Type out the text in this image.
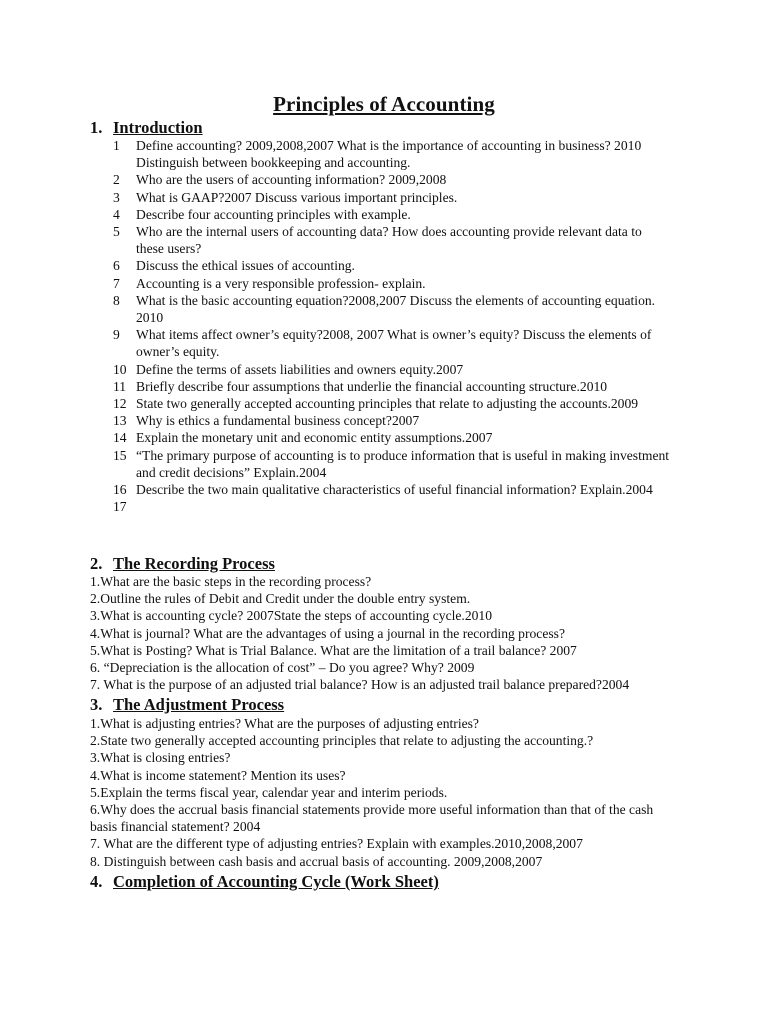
Principles of Accounting
1. Introduction
1	Define accounting? 2009,2008,2007 What is the importance of accounting in business? 2010 Distinguish between bookkeeping and accounting.
2	Who are the users of accounting information? 2009,2008
3	What is GAAP?2007 Discuss various important principles.
4	Describe four accounting principles with example.
5	Who are the internal users of accounting data? How does accounting provide relevant data to these users?
6	Discuss the ethical issues of accounting.
7	Accounting is a very responsible profession- explain.
8	What is the basic accounting equation?2008,2007 Discuss the elements of accounting equation. 2010
9	What items affect owner’s equity?2008, 2007 What is owner’s equity? Discuss the elements of owner’s equity.
10 Define the terms of assets liabilities and owners equity.2007
11 Briefly describe four assumptions that underlie the financial accounting structure.2010
12 State two generally accepted accounting principles that relate to adjusting the accounts.2009
13 Why is ethics a fundamental business concept?2007
14 Explain the monetary unit and economic entity assumptions.2007
15 “The primary purpose of accounting is to produce information that is useful in making investment and credit decisions” Explain.2004
16 Describe the two main qualitative characteristics of useful financial information? Explain.2004
17
2. The Recording Process
1.What are the basic steps in the recording process?
2.Outline the rules of Debit and Credit under the double entry system.
3.What is accounting cycle? 2007State the steps of accounting cycle.2010
4.What is journal? What are the advantages of using a journal in the recording process?
5.What is Posting? What is Trial Balance. What are the limitation of a trail balance? 2007
6. “Depreciation is the allocation of cost” – Do you agree? Why? 2009
7. What is the purpose of an adjusted trial balance? How is an adjusted trail balance prepared?2004
3. The Adjustment Process
1.What is adjusting entries? What are the purposes of adjusting entries?
2.State two generally accepted accounting principles that relate to adjusting the accounting.?
3.What is closing entries?
4.What is income statement? Mention its uses?
5.Explain the terms fiscal year, calendar year and interim periods.
6.Why does the accrual basis financial statements provide more useful information than that of the cash basis financial statement? 2004
7. What are the different type of adjusting entries? Explain with examples.2010,2008,2007
8. Distinguish between cash basis and accrual basis of accounting. 2009,2008,2007
4. Completion of Accounting Cycle (Work Sheet)
